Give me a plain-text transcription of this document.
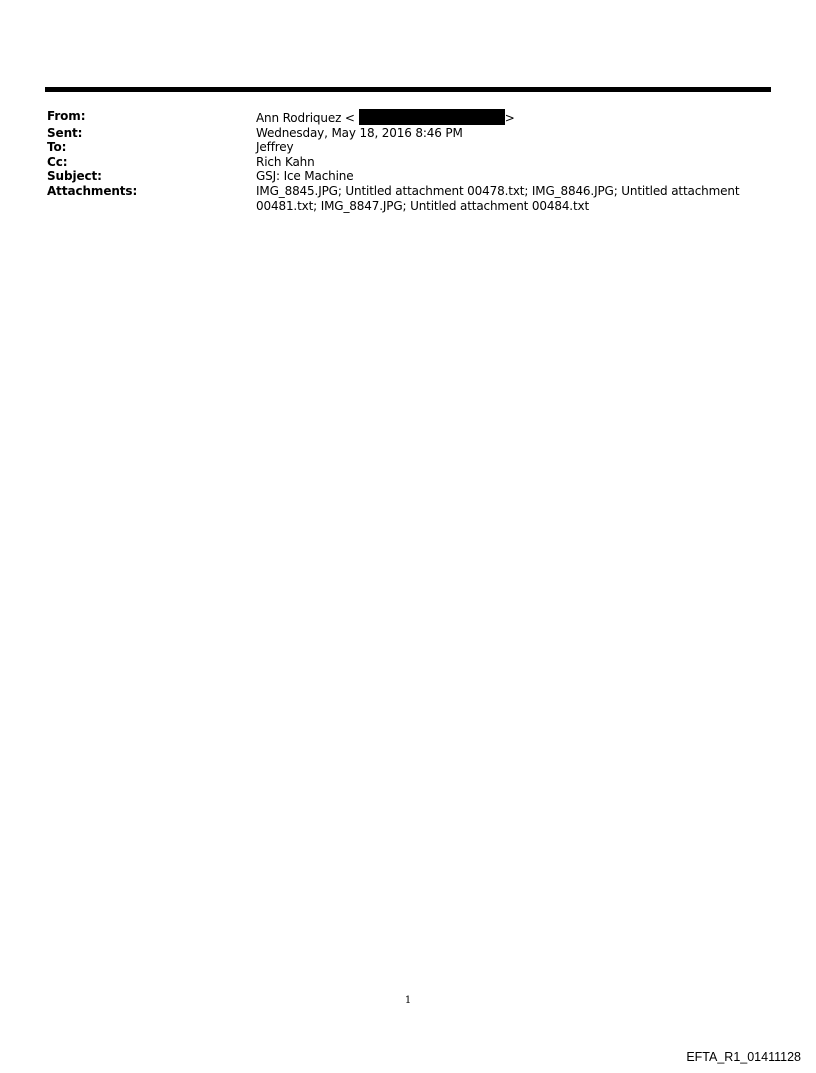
From:	Ann Rodriquez <	>
Sent:	Wednesday, May 18, 2016 8:46 PM
To:	Jeffrey
Cc:	Rich Kahn
Subject:	GSJ: Ice Machine
Attachments:	IMG_8845.JPG; Untitled attachment 00478.txt; IMG_8846.JPG; Untitled attachment 00481.txt; IMG_8847.JPG; Untitled attachment 00484.txt
1
EFTA_R1_01411128
